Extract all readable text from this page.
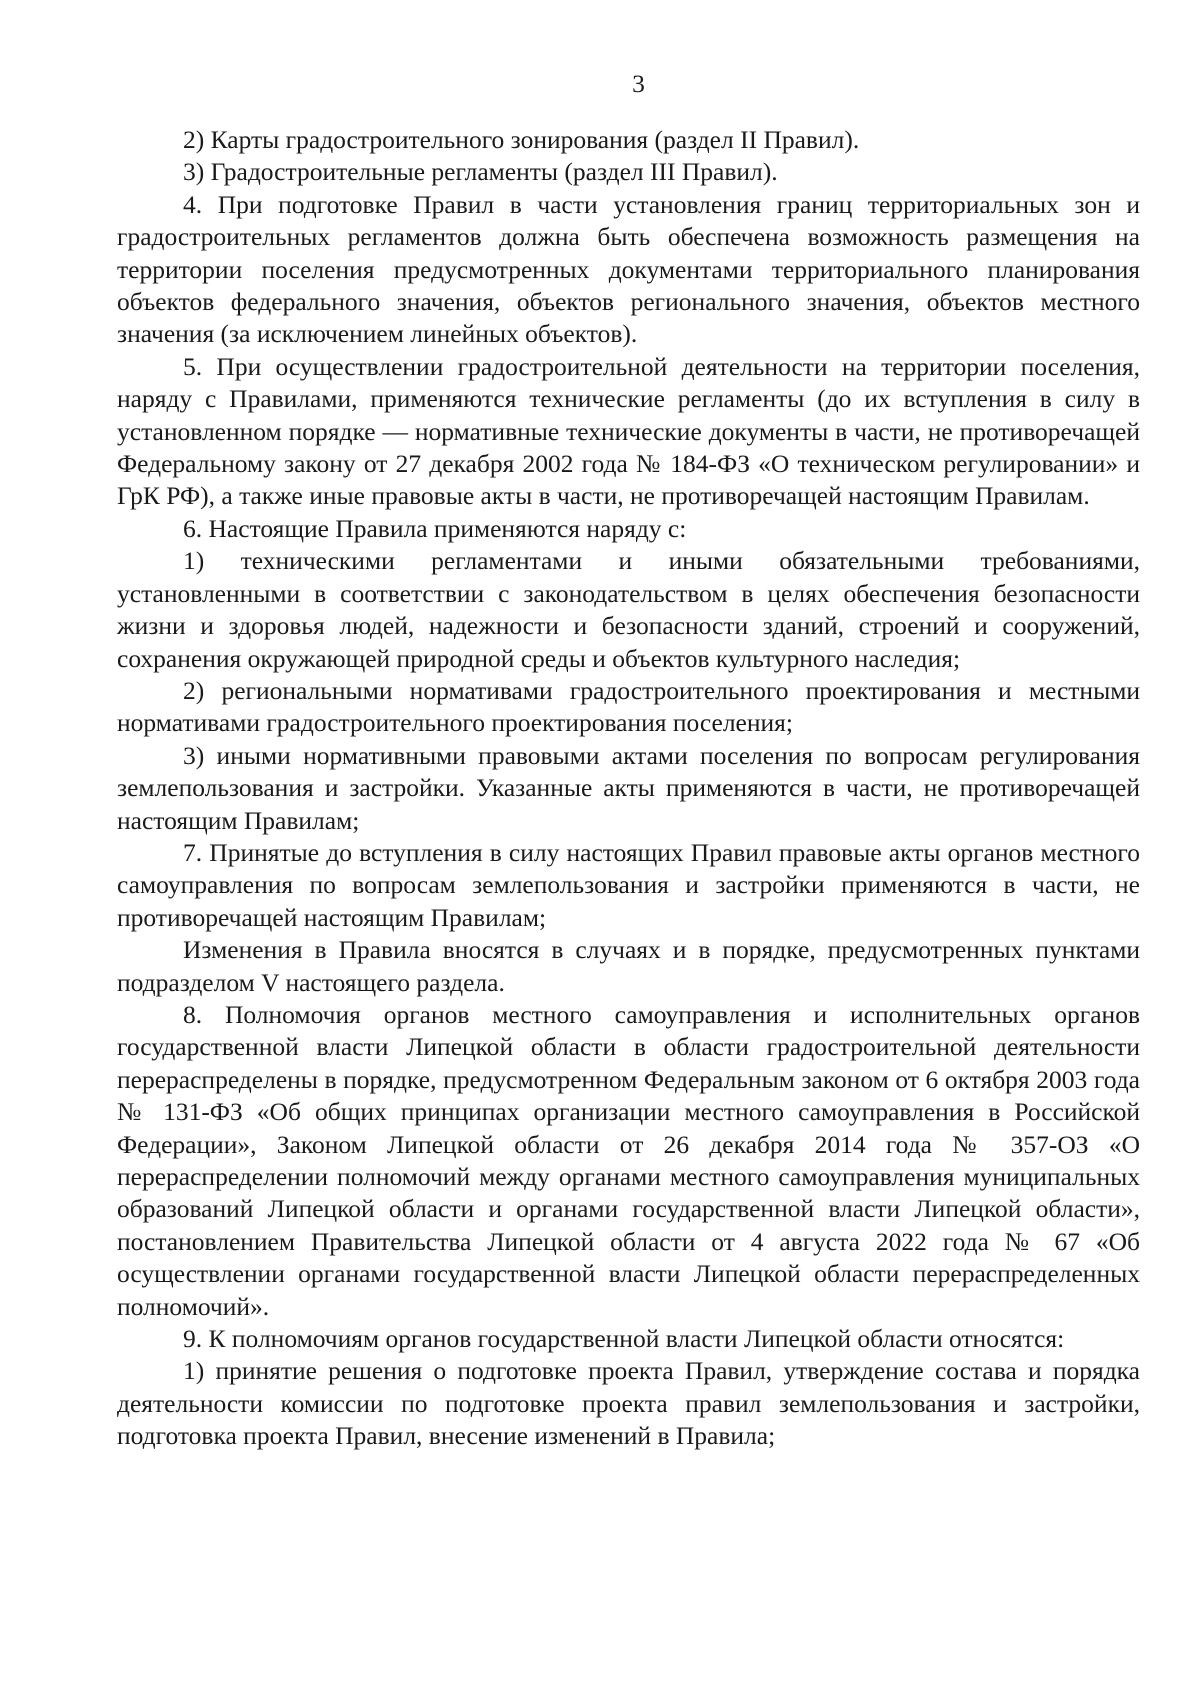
3

2) Карты градостроительного зонирования (раздел II Правил).

3) Градостроительные регламенты (раздел III Правил).

4. При подготовке Правил в части установления границ территориальных зон и градостроительных регламентов должна быть обеспечена возможность размещения на территории поселения предусмотренных документами территориального планирования объектов федерального значения, объектов регионального значения, объектов местного значения (за исключением линейных объектов).

5. При осуществлении градостроительной деятельности на территории поселения, наряду с Правилами, применяются технические регламенты (до их вступления в силу в установленном порядке — нормативные технические документы в части, не противоречащей Федеральному закону от 27 декабря 2002 года № 184-ФЗ «О техническом регулировании» и ГрК РФ), а также иные правовые акты в части, не противоречащей настоящим Правилам.

6. Настоящие Правила применяются наряду с:

1) техническими регламентами и иными обязательными требованиями, установленными в соответствии с законодательством в целях обеспечения безопасности жизни и здоровья людей, надежности и безопасности зданий, строений и сооружений, сохранения окружающей природной среды и объектов культурного наследия;

2) региональными нормативами градостроительного проектирования и местными нормативами градостроительного проектирования поселения;

3) иными нормативными правовыми актами поселения по вопросам регулирования землепользования и застройки. Указанные акты применяются в части, не противоречащей настоящим Правилам;

7. Принятые до вступления в силу настоящих Правил правовые акты органов местного самоуправления по вопросам землепользования и застройки применяются в части, не противоречащей настоящим Правилам;

Изменения в Правила вносятся в случаях и в порядке, предусмотренных пунктами подразделом V настоящего раздела.

8. Полномочия органов местного самоуправления и исполнительных органов государственной власти Липецкой области в области градостроительной деятельности перераспределены в порядке, предусмотренном Федеральным законом от 6 октября 2003 года № 131-ФЗ «Об общих принципах организации местного самоуправления в Российской Федерации», Законом Липецкой области от 26 декабря 2014 года № 357-ОЗ «О перераспределении полномочий между органами местного самоуправления муниципальных образований Липецкой области и органами государственной власти Липецкой области», постановлением Правительства Липецкой области от 4 августа 2022 года № 67 «Об осуществлении органами государственной власти Липецкой области перераспределенных полномочий».

9. К полномочиям органов государственной власти Липецкой области относятся:

1) принятие решения о подготовке проекта Правил, утверждение состава и порядка деятельности комиссии по подготовке проекта правил землепользования и застройки, подготовка проекта Правил, внесение изменений в Правила;
